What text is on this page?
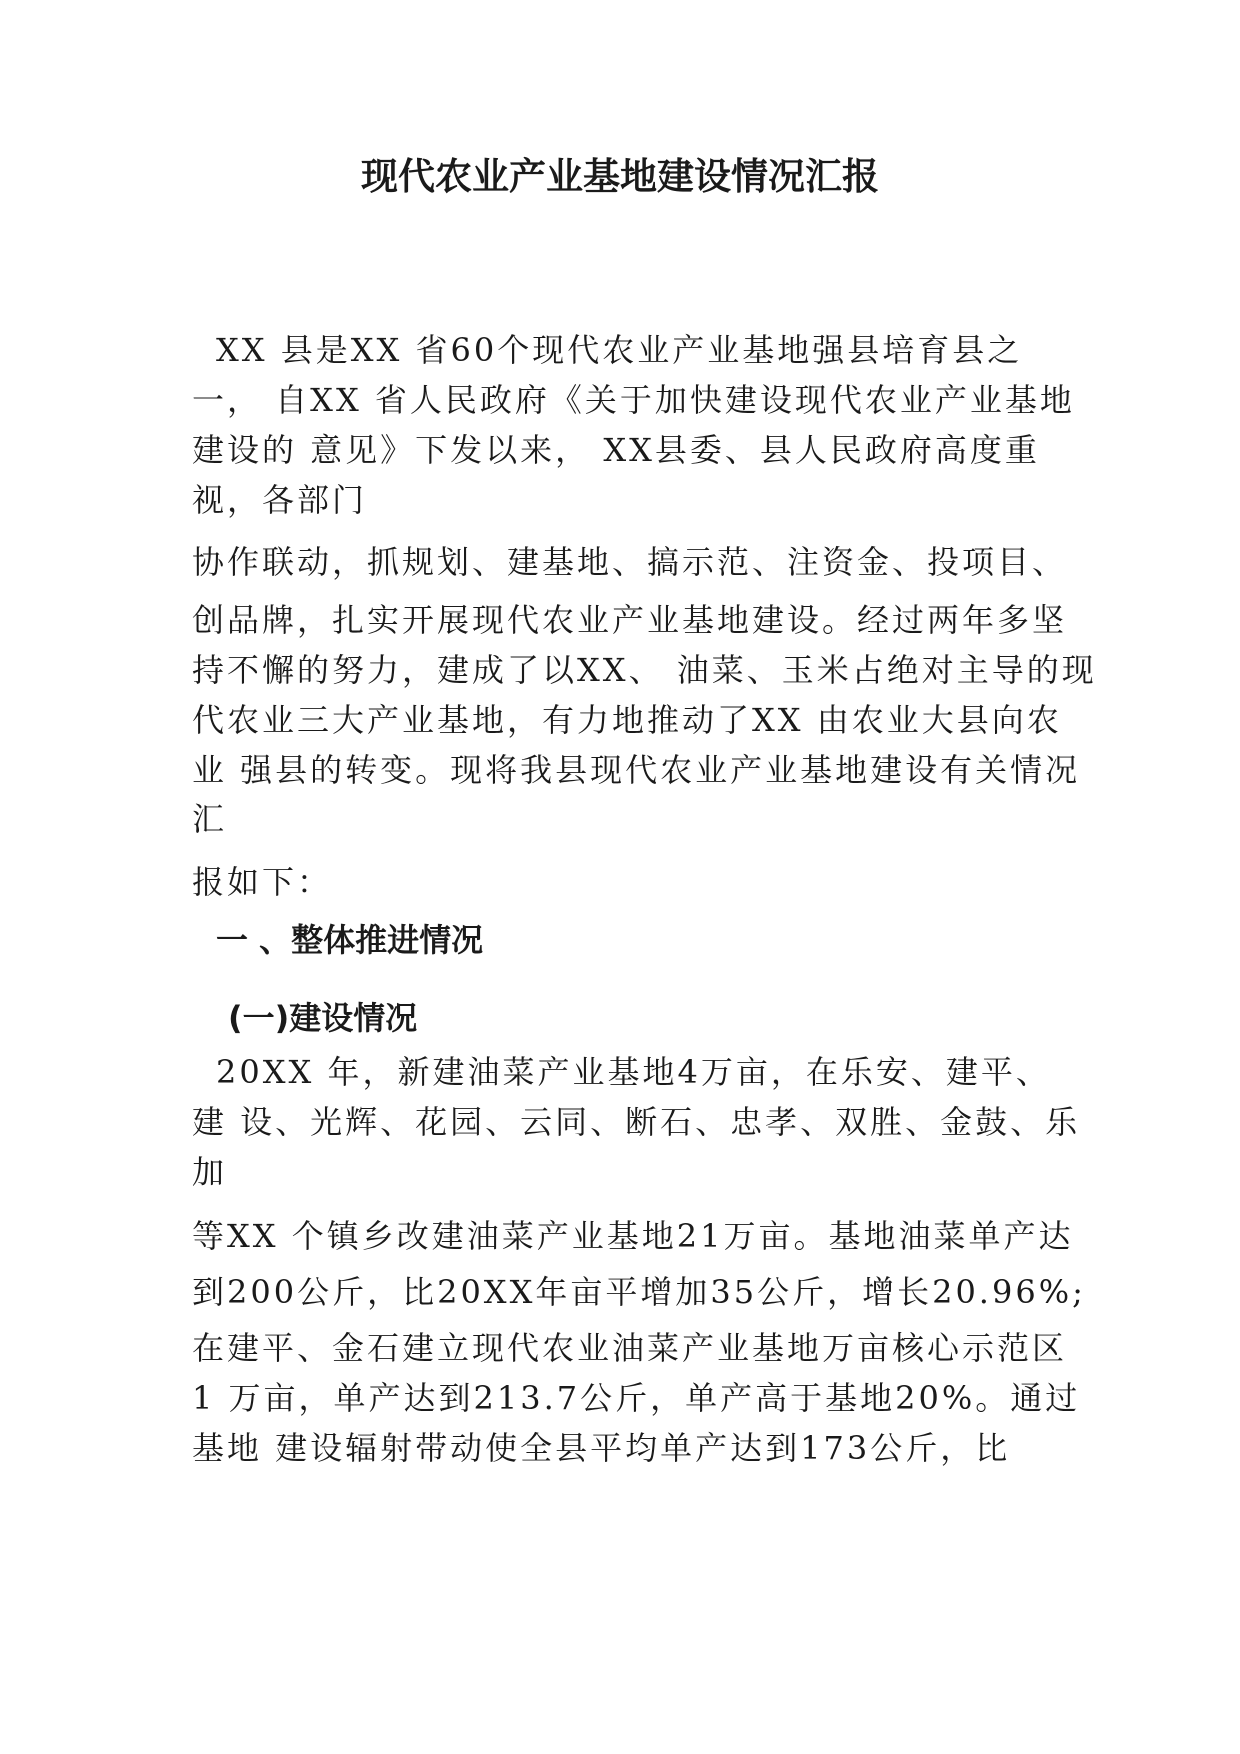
现代农业产业基地建设情况汇报
XX 县是XX 省60个现代农业产业基地强县培育县之
一， 自XX 省人民政府《关于加快建设现代农业产业基地
建设的 意见》下发以来， XX县委、县人民政府高度重
视，各部门
协作联动，抓规划、建基地、搞示范、注资金、投项目、
创品牌，扎实开展现代农业产业基地建设。经过两年多坚
持不懈的努力，建成了以XX、 油菜、玉米占绝对主导的现
代农业三大产业基地，有力地推动了XX 由农业大县向农
业 强县的转变。现将我县现代农业产业基地建设有关情况
汇
报如下：
一 、整体推进情况
(一)建设情况
20XX 年，新建油菜产业基地4万亩，在乐安、建平、
建 设、光辉、花园、云同、断石、忠孝、双胜、金鼓、乐
加
等XX 个镇乡改建油菜产业基地21万亩。基地油菜单产达
到200公斤，比20XX年亩平增加35公斤，增长20.96%;
在建平、金石建立现代农业油菜产业基地万亩核心示范区
1 万亩，单产达到213.7公斤，单产高于基地20%。通过
基地 建设辐射带动使全县平均单产达到173公斤，比
